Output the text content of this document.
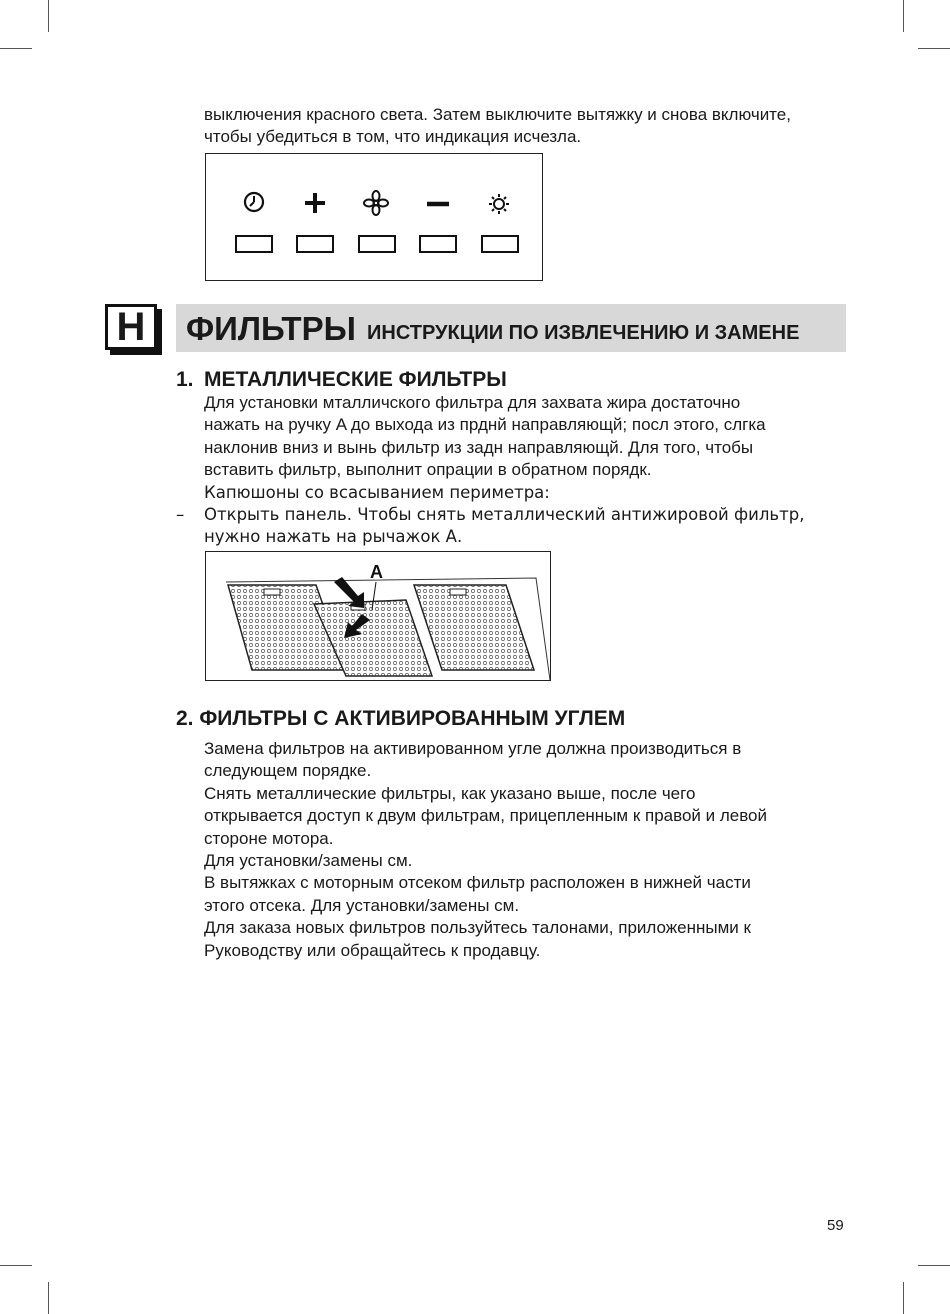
выключения красного света. Затем выключите вытяжку и снова включите,
чтобы убедиться в том, что индикация исчезла.
H	ФИЛЬТРЫ ИНСТРУКЦИИ ПО ИЗВЛЕЧЕНИЮ И ЗАМЕНЕ
1. МЕТАЛЛИЧЕСКИЕ ФИЛЬТРЫ
Для установки мталличского фильтра для захвата жира достаточно
нажать на ручку A до выхода из прднй направляющй; посл этого, слгка
наклонив вниз и вынь фильтр из задн направляющй. Для того, чтобы
вставить фильтр, выполнит опрации в обратном порядк.
Капюшоны со всасыванием периметра:
Открыть панель. Чтобы снять металлический антижировой фильтр,
нужно нажать на рычажок А.
–
A
2. ФИЛЬТРЫ С АКТИВИРОВАННЫМ УГЛЕМ
Замена фильтров на активированном угле должна производиться в
следующем порядке.
Снять металлические фильтры, как указано выше, после чего
открывается доступ к двум фильтрам, прицепленным к правой и левой
стороне мотора.
Для установки/замены см.
В вытяжках с моторным отсеком фильтр расположен в нижней части
этого отсека. Для установки/замены см.
Для заказа новых фильтров пользуйтесь талонами, приложенными к
Руководству или обращайтесь к продавцу.
59
